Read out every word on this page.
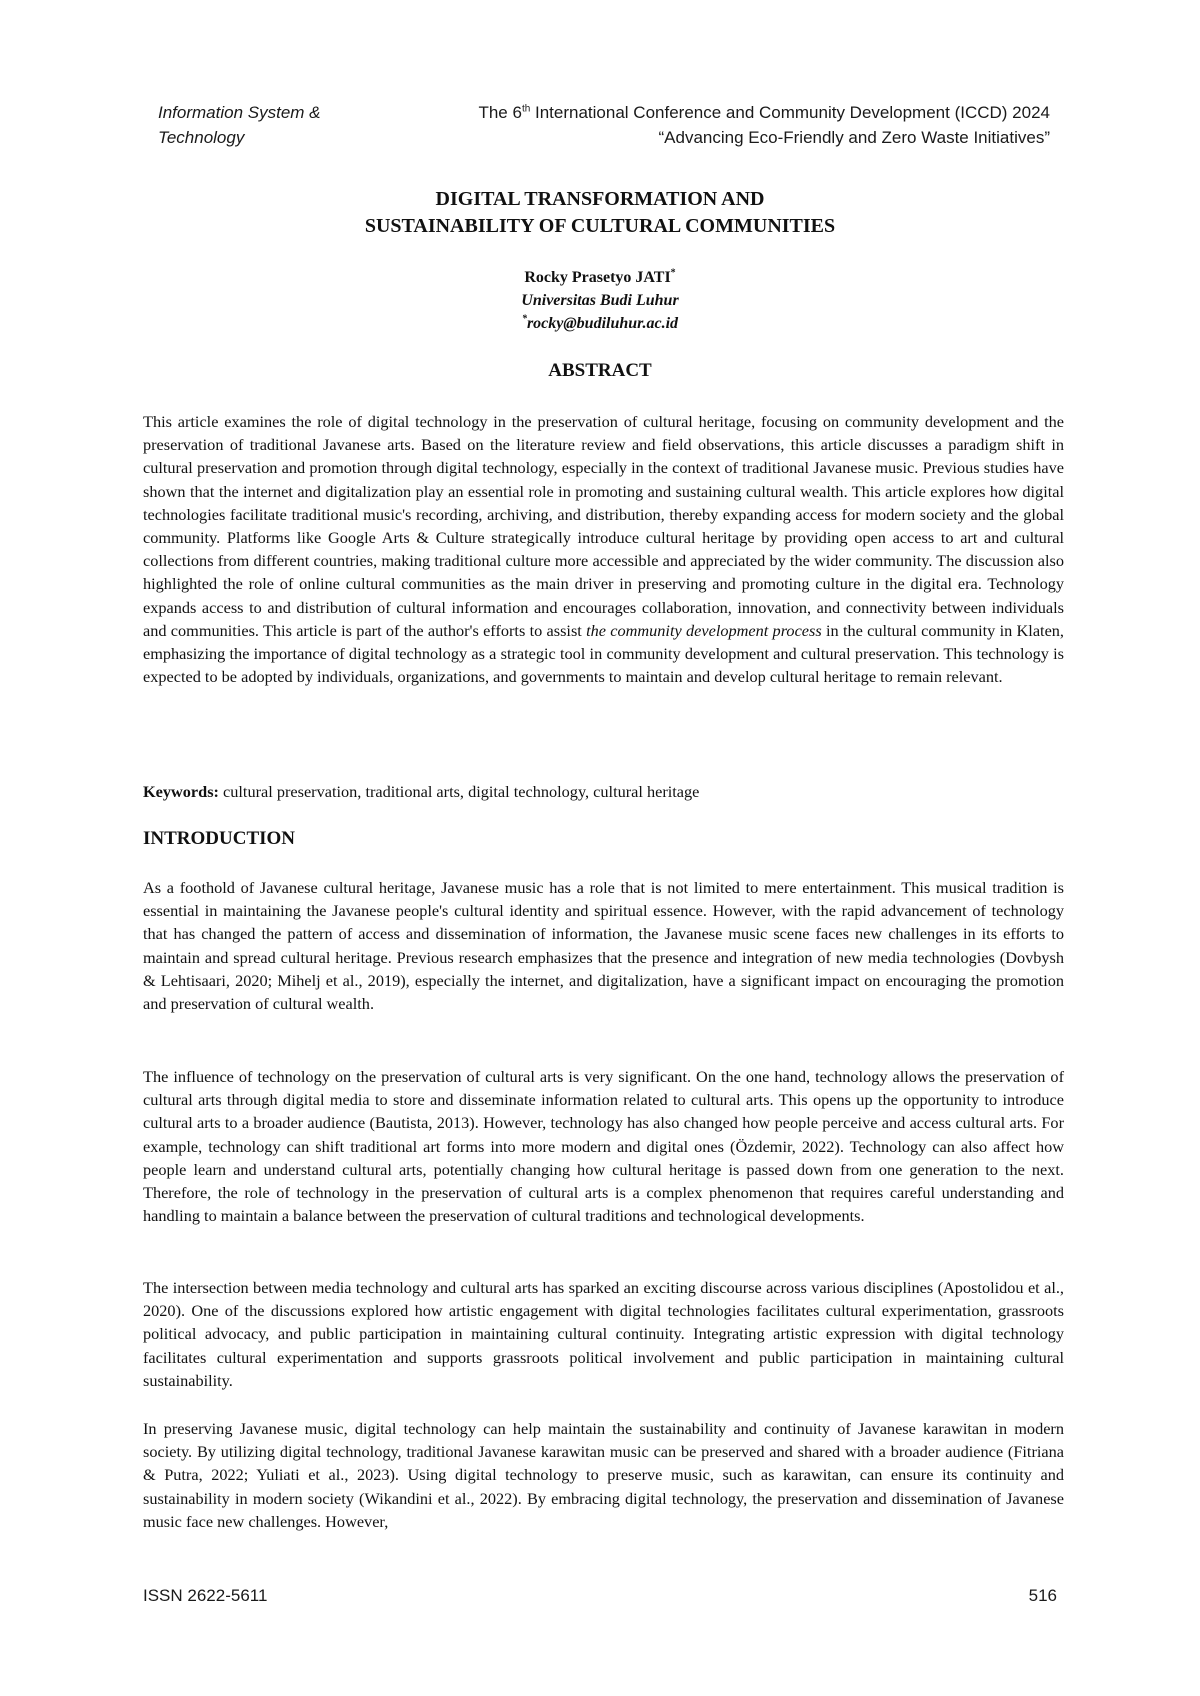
Information System &
Technology
The 6th International Conference and Community Development (ICCD) 2024
“Advancing Eco-Friendly and Zero Waste Initiatives”
DIGITAL TRANSFORMATION AND
SUSTAINABILITY OF CULTURAL COMMUNITIES
Rocky Prasetyo JATI*
Universitas Budi Luhur
*rocky@budiluhur.ac.id
ABSTRACT

This article examines the role of digital technology in the preservation of cultural heritage, focusing on community development and the preservation of traditional Javanese arts. Based on the literature review and field observations, this article discusses a paradigm shift in cultural preservation and promotion through digital technology, especially in the context of traditional Javanese music. Previous studies have shown that the internet and digitalization play an essential role in promoting and sustaining cultural wealth. This article explores how digital technologies facilitate traditional music's recording, archiving, and distribution, thereby expanding access for modern society and the global community. Platforms like Google Arts & Culture strategically introduce cultural heritage by providing open access to art and cultural collections from different countries, making traditional culture more accessible and appreciated by the wider community. The discussion also highlighted the role of online cultural communities as the main driver in preserving and promoting culture in the digital era. Technology expands access to and distribution of cultural information and encourages collaboration, innovation, and connectivity between individuals and communities. This article is part of the author's efforts to assist the community development process in the cultural community in Klaten, emphasizing the importance of digital technology as a strategic tool in community development and cultural preservation. This technology is expected to be adopted by individuals, organizations, and governments to maintain and develop cultural heritage to remain relevant.

Keywords: cultural preservation, traditional arts, digital technology, cultural heritage

INTRODUCTION

As a foothold of Javanese cultural heritage, Javanese music has a role that is not limited to mere entertainment. This musical tradition is essential in maintaining the Javanese people's cultural identity and spiritual essence. However, with the rapid advancement of technology that has changed the pattern of access and dissemination of information, the Javanese music scene faces new challenges in its efforts to maintain and spread cultural heritage. Previous research emphasizes that the presence and integration of new media technologies (Dovbysh & Lehtisaari, 2020; Mihelj et al., 2019), especially the internet, and digitalization, have a significant impact on encouraging the promotion and preservation of cultural wealth.

The influence of technology on the preservation of cultural arts is very significant. On the one hand, technology allows the preservation of cultural arts through digital media to store and disseminate information related to cultural arts. This opens up the opportunity to introduce cultural arts to a broader audience (Bautista, 2013). However, technology has also changed how people perceive and access cultural arts. For example, technology can shift traditional art forms into more modern and digital ones (Özdemir, 2022). Technology can also affect how people learn and understand cultural arts, potentially changing how cultural heritage is passed down from one generation to the next. Therefore, the role of technology in the preservation of cultural arts is a complex phenomenon that requires careful understanding and handling to maintain a balance between the preservation of cultural traditions and technological developments.

The intersection between media technology and cultural arts has sparked an exciting discourse across various disciplines (Apostolidou et al., 2020). One of the discussions explored how artistic engagement with digital technologies facilitates cultural experimentation, grassroots political advocacy, and public participation in maintaining cultural continuity. Integrating artistic expression with digital technology facilitates cultural experimentation and supports grassroots political involvement and public participation in maintaining cultural sustainability.

In preserving Javanese music, digital technology can help maintain the sustainability and continuity of Javanese karawitan in modern society. By utilizing digital technology, traditional Javanese karawitan music can be preserved and shared with a broader audience (Fitriana & Putra, 2022; Yuliati et al., 2023). Using digital technology to preserve music, such as karawitan, can ensure its continuity and sustainability in modern society (Wikandini et al., 2022). By embracing digital technology, the preservation and dissemination of Javanese music face new challenges. However,

ISSN 2622-5611	516
